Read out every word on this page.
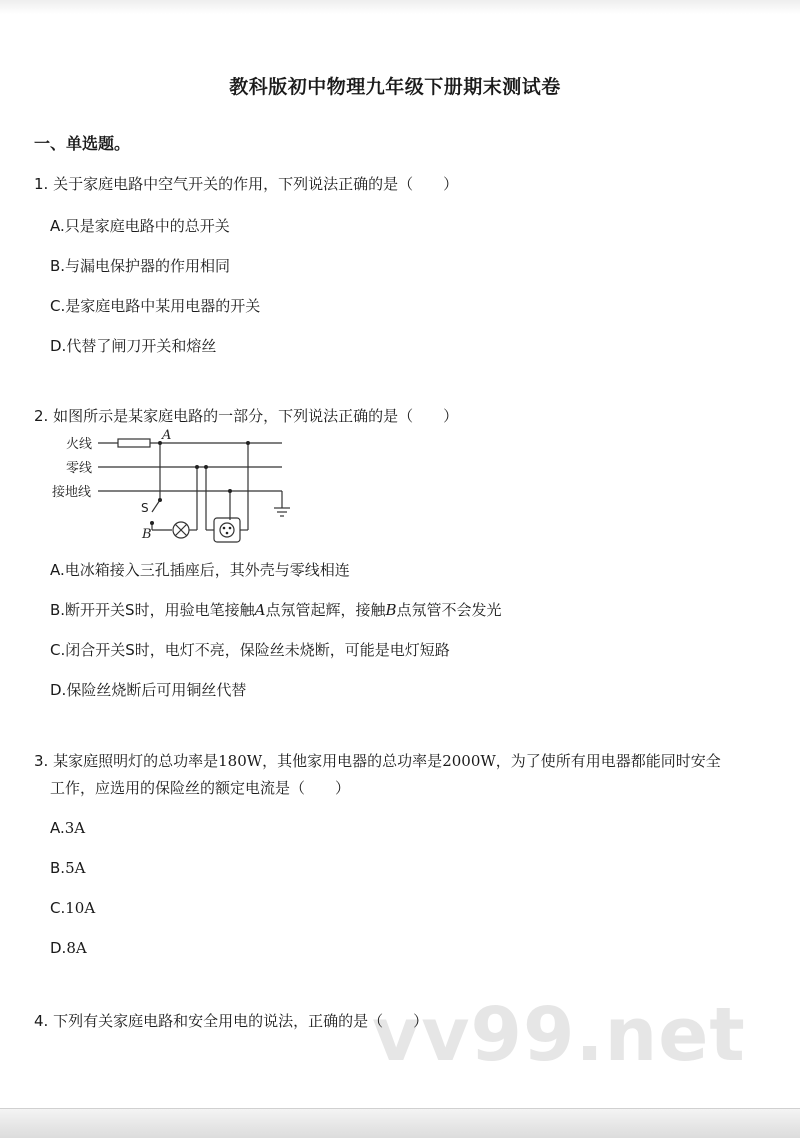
教科版初中物理九年级下册期末测试卷
一、单选题。
1. 关于家庭电路中空气开关的作用，下列说法正确的是（　　）
A.只是家庭电路中的总开关
B.与漏电保护器的作用相同
C.是家庭电路中某用电器的开关
D.代替了闸刀开关和熔丝
2. 如图所示是某家庭电路的一部分，下列说法正确的是（　　）
火线
零线
接地线
A
B
S
A.电冰箱接入三孔插座后，其外壳与零线相连
B.断开开关S时，用验电笔接触A点氖管起辉，接触B点氖管不会发光
C.闭合开关S时，电灯不亮，保险丝未烧断，可能是电灯短路
D.保险丝烧断后可用铜丝代替
3. 某家庭照明灯的总功率是180W，其他家用电器的总功率是2000W，为了使所有用电器都能同时安全
工作，应选用的保险丝的额定电流是（　　）
A.3A
B.5A
C.10A
D.8A
vv99.net
4. 下列有关家庭电路和安全用电的说法，正确的是（　　）
